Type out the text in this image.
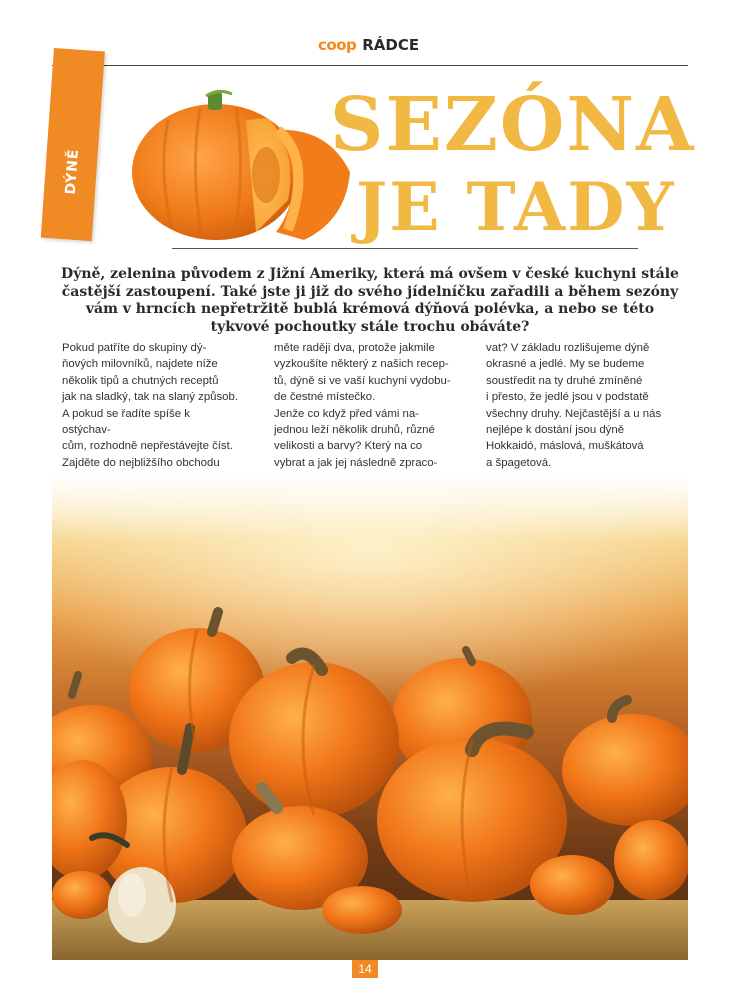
coop RÁDCE
DÝNĚ
SEZÓNA
JE TADY
Dýně, zelenina původem z Jižní Ameriky, která má ovšem v české kuchyni stále častější zastoupení. Také jste ji již do svého jídelníčku zařadili a během sezóny vám v hrncích nepřetržitě bublá krémová dýňová polévka, a nebo se této tykvové pochoutky stále trochu obáváte?

Pokud patříte do skupiny dý-
ňových milovníků, najdete níže
několik tipů a chutných receptů
jak na sladký, tak na slaný způsob.
A pokud se řadíte spíše k ostýchav-
cům, rozhodně nepřestávejte číst.
Zajděte do nejbližšího obchodu

měte raději dva, protože jakmile
vyzkoušíte některý z našich recep-
tů, dýně si ve vaší kuchyni vydobu-
de čestné místečko.
Jenže co když před vámi na-
jednou leží několik druhů, různé
velikosti a barvy? Který na co
vybrat a jak jej následně zpraco-

vat? V základu rozlišujeme dýně
okrasné a jedlé. My se budeme
soustředit na ty druhé zmíněné
i přesto, že jedlé jsou v podstatě
všechny druhy. Nejčastější a u nás
nejlépe k dostání jsou dýně
Hokkaidó, máslová, muškátová
a špagetová.

14
